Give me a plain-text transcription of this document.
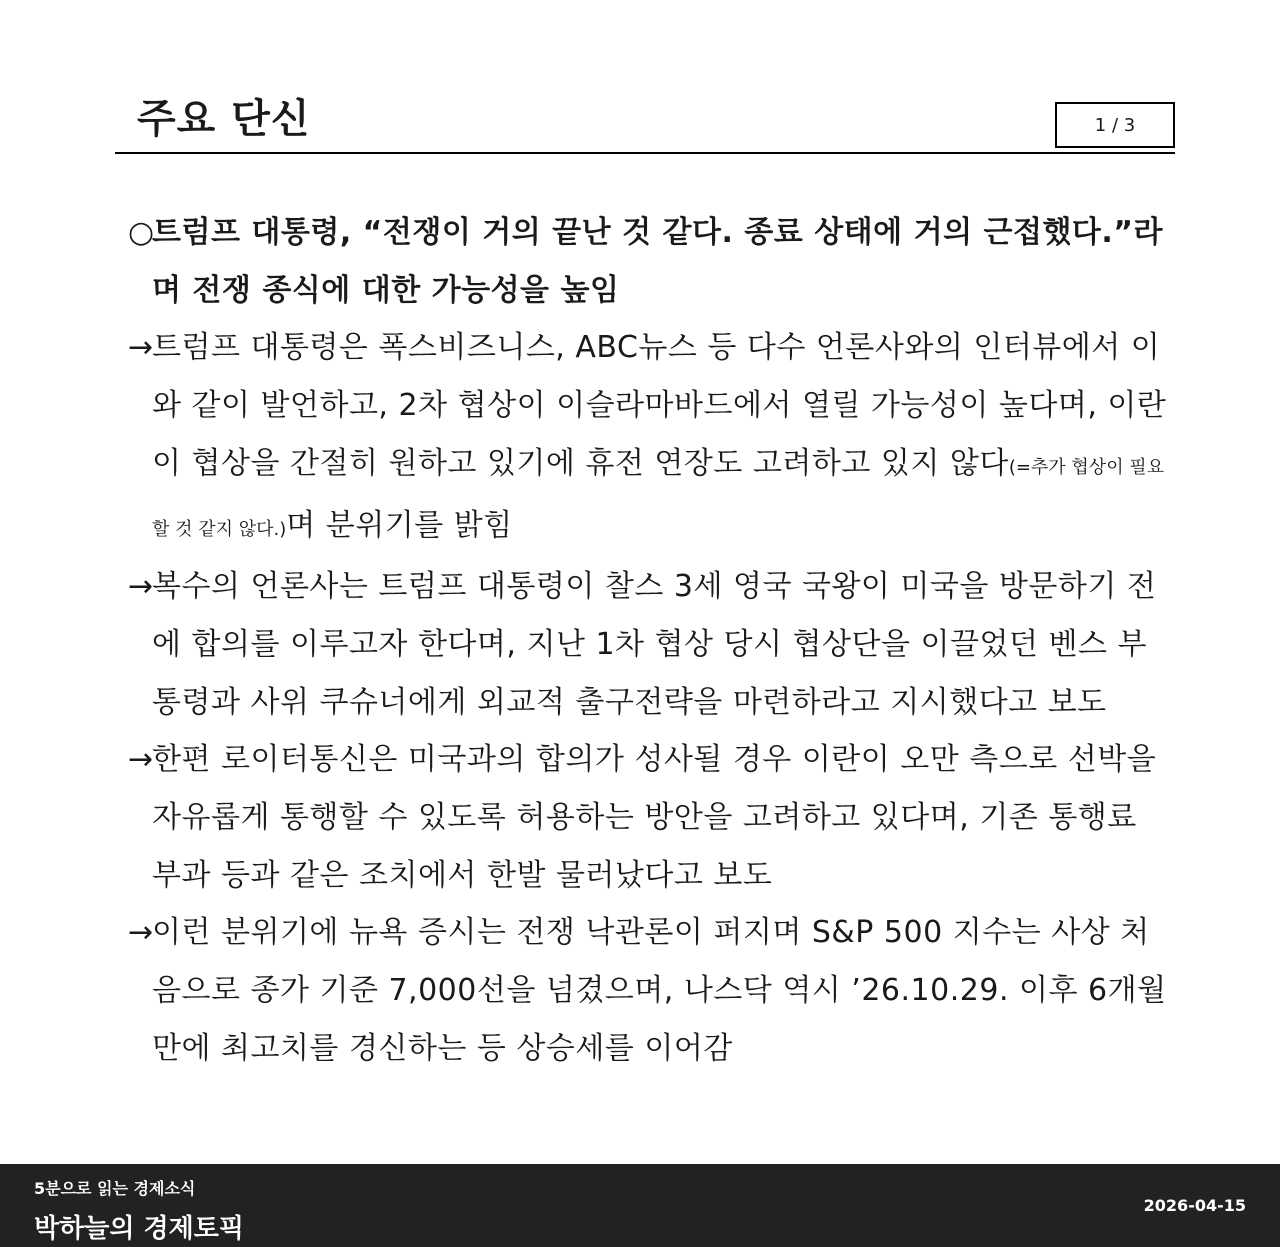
주요 단신	1 / 3
○

트럼프 대통령, “전쟁이 거의 끝난 것 같다. 종료 상태에 거의 근접했다.”라며 전쟁 종식에 대한 가능성을 높임

→

트럼프 대통령은 폭스비즈니스, ABC뉴스 등 다수 언론사와의 인터뷰에서 이와 같이 발언하고, 2차 협상이 이슬라마바드에서 열릴 가능성이 높다며, 이란이 협상을 간절히 원하고 있기에 휴전 연장도 고려하고 있지 않다(=추가 협상이 필요할 것 같지 않다.)며 분위기를 밝힘

→

복수의 언론사는 트럼프 대통령이 찰스 3세 영국 국왕이 미국을 방문하기 전에 합의를 이루고자 한다며, 지난 1차 협상 당시 협상단을 이끌었던 벤스 부통령과 사위 쿠슈너에게 외교적 출구전략을 마련하라고 지시했다고 보도

→

한편 로이터통신은 미국과의 합의가 성사될 경우 이란이 오만 측으로 선박을 자유롭게 통행할 수 있도록 허용하는 방안을 고려하고 있다며, 기존 통행료 부과 등과 같은 조치에서 한발 물러났다고 보도

→

이런 분위기에 뉴욕 증시는 전쟁 낙관론이 퍼지며 S&P 500 지수는 사상 처음으로 종가 기준 7,000선을 넘겼으며, 나스닥 역시 ’26.10.29. 이후 6개월 만에 최고치를 경신하는 등 상승세를 이어감

5분으로 읽는 경제소식
박하늘의 경제토픽
2026-04-15
